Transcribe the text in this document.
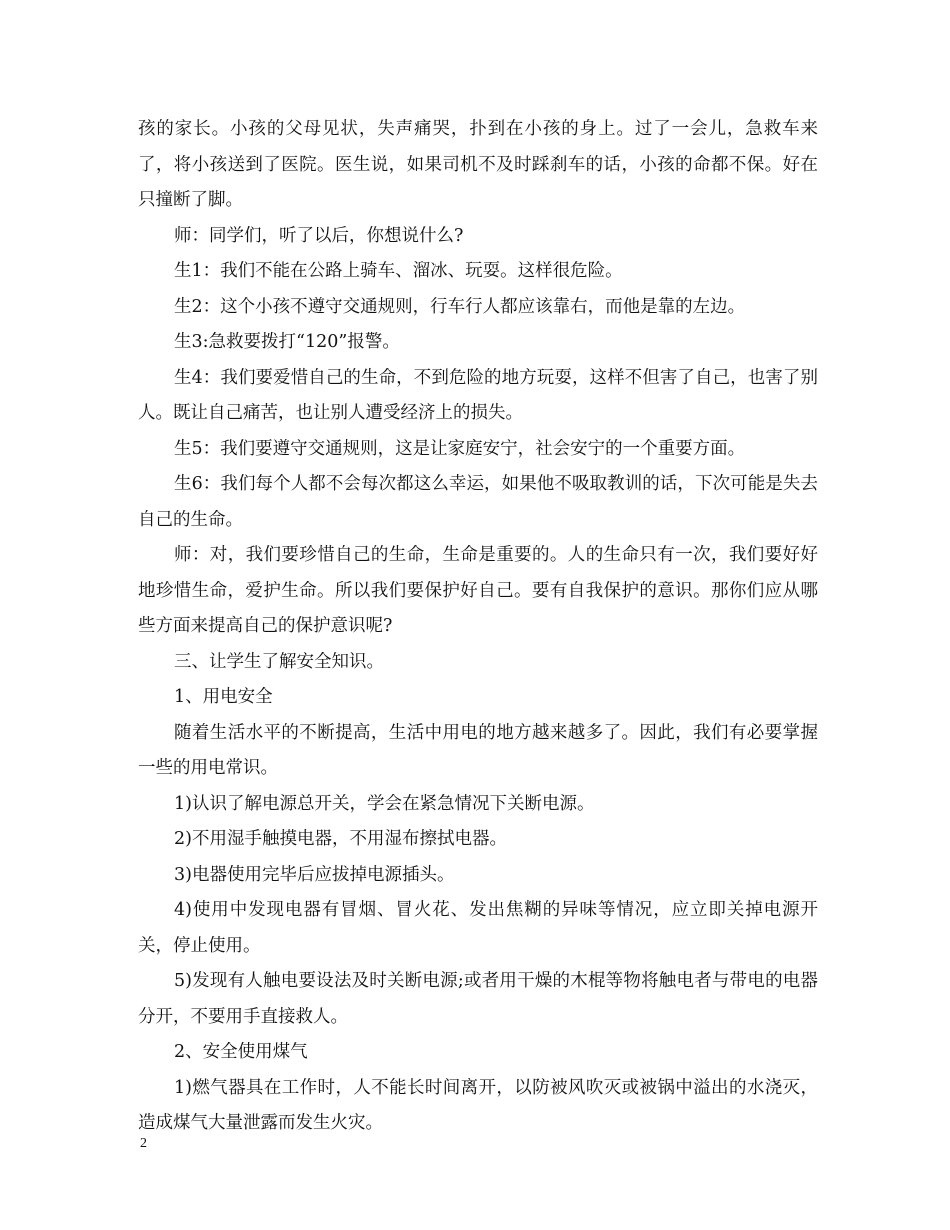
孩的家长。小孩的父母见状，失声痛哭，扑到在小孩的身上。过了一会儿，急救车来了，将小孩送到了医院。医生说，如果司机不及时踩刹车的话，小孩的命都不保。好在只撞断了脚。

师：同学们，听了以后，你想说什么?

生1：我们不能在公路上骑车、溜冰、玩耍。这样很危险。

生2：这个小孩不遵守交通规则，行车行人都应该靠右，而他是靠的左边。

生3:急救要拨打“120”报警。

生4：我们要爱惜自己的生命，不到危险的地方玩耍，这样不但害了自己，也害了别人。既让自己痛苦，也让别人遭受经济上的损失。

生5：我们要遵守交通规则，这是让家庭安宁，社会安宁的一个重要方面。

生6：我们每个人都不会每次都这么幸运，如果他不吸取教训的话，下次可能是失去自己的生命。

师：对，我们要珍惜自己的生命，生命是重要的。人的生命只有一次，我们要好好地珍惜生命，爱护生命。所以我们要保护好自己。要有自我保护的意识。那你们应从哪些方面来提高自己的保护意识呢?

三、让学生了解安全知识。

1、用电安全

随着生活水平的不断提高，生活中用电的地方越来越多了。因此，我们有必要掌握一些的用电常识。

1)认识了解电源总开关，学会在紧急情况下关断电源。

2)不用湿手触摸电器，不用湿布擦拭电器。

3)电器使用完毕后应拔掉电源插头。

4)使用中发现电器有冒烟、冒火花、发出焦糊的异味等情况，应立即关掉电源开关，停止使用。

5)发现有人触电要设法及时关断电源;或者用干燥的木棍等物将触电者与带电的电器分开，不要用手直接救人。

2、安全使用煤气

1)燃气器具在工作时，人不能长时间离开，以防被风吹灭或被锅中溢出的水浇灭，造成煤气大量泄露而发生火灾。

2
